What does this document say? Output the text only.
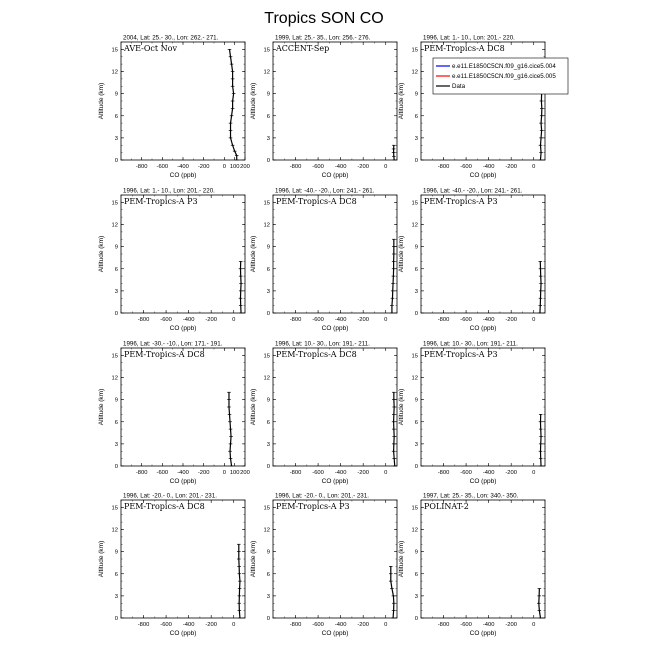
Tropics SON CO
2004, Lat: 25.- 30., Lon: 262.- 271.
0
3
6
9
12
15
-800 -600 -400 -200 0 100 200
CO (ppb)
Altitude (km)
AVE-Oct Nov
1999, Lat: 25.- 35., Lon: 256.- 276.
0
3
6
9
12
15
-800 -600 -400 -200	0
CO (ppb)
Altitude (km)
ACCENT-Sep
1996, Lat: 1.- 10., Lon: 201.- 220.
0
3
6
9
12
15
-800 -600 -400 -200	0
CO (ppb)
Altitude (km)
PEM-Tropics-A DC8
1996, Lat: 1.- 10., Lon: 201.- 220.
0
3
6
9
12
15
-800 -600 -400 -200	0
CO (ppb)
Altitude (km)
PEM-Tropics-A P3
1996, Lat: -40.- -20., Lon: 241.- 261.
0
3
6
9
12
15
-800 -600 -400 -200	0
CO (ppb)
Altitude (km)
PEM-Tropics-A DC8
1996, Lat: -40.- -20., Lon: 241.- 261.
0
3
6
9
12
15
-800 -600 -400 -200	0
CO (ppb)
Altitude (km)
PEM-Tropics-A P3
1996, Lat: -30.- -10., Lon: 171.- 191.
0
3
6
9
12
15
-800 -600 -400 -200 0 100 200
CO (ppb)
Altitude (km)
PEM-Tropics-A DC8
1996, Lat: 10.- 30., Lon: 191.- 211.
0
3
6
9
12
15
-800 -600 -400 -200	0
CO (ppb)
Altitude (km)
PEM-Tropics-A DC8
1996, Lat: 10.- 30., Lon: 191.- 211.
0
3
6
9
12
15
-800 -600 -400 -200	0
CO (ppb)
Altitude (km)
PEM-Tropics-A P3
1996, Lat: -20.- 0., Lon: 201.- 231.
0
3
6
9
12
15
-800 -600 -400 -200	0
CO (ppb)
Altitude (km)
PEM-Tropics-A DC8
1996, Lat: -20.- 0., Lon: 201.- 231.
0
3
6
9
12
15
-800 -600 -400 -200	0
CO (ppb)
Altitude (km)
PEM-Tropics-A P3
1997, Lat: 25.- 35., Lon: 340.- 350.
0
3
6
9
12
15
-800 -600 -400 -200	0
CO (ppb)
Altitude (km)
POLINAT-2
e.e11.E1850C5CN.f09_g16.cice5.004
e.e11.E1850C5CN.f09_g16.cice5.005
Data
